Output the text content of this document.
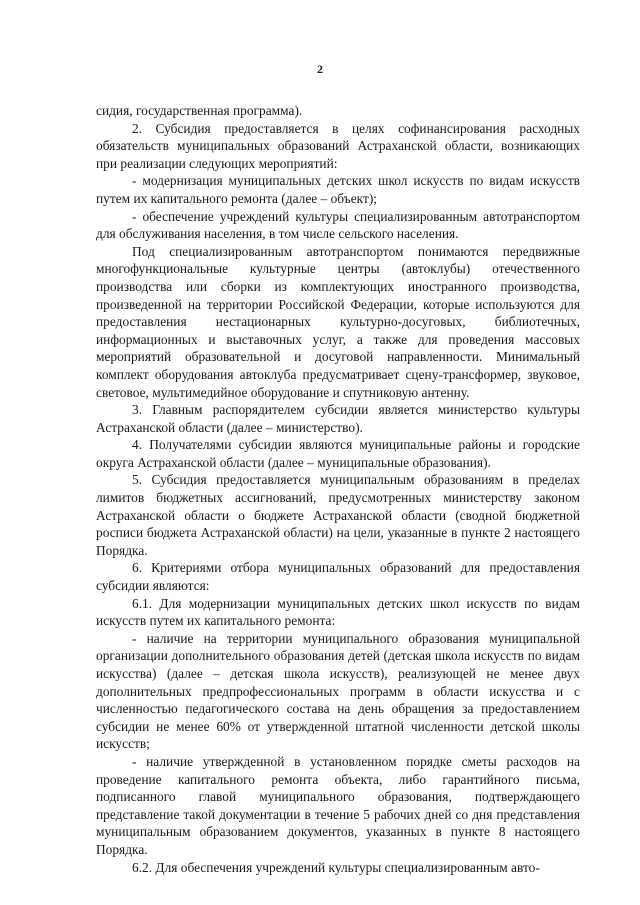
2

сидия, государственная программа).

2. Субсидия предоставляется в целях софинансирования расходных обязательств муниципальных образований Астраханской области, возникающих при реализации следующих мероприятий:

- модернизация муниципальных детских школ искусств по видам искусств путем их капитального ремонта (далее – объект);

- обеспечение учреждений культуры специализированным автотранспортом для обслуживания населения, в том числе сельского населения.

Под специализированным автотранспортом понимаются передвижные многофункциональные культурные центры (автоклубы) отечественного производства или сборки из комплектующих иностранного производства, произведенной на территории Российской Федерации, которые используются для предоставления нестационарных культурно-досуговых, библиотечных, информационных и выставочных услуг, а также для проведения массовых мероприятий образовательной и досуговой направленности. Минимальный комплект оборудования автоклуба предусматривает сцену-трансформер, звуковое, световое, мультимедийное оборудование и спутниковую антенну.

3. Главным распорядителем субсидии является министерство культуры Астраханской области (далее – министерство).

4. Получателями субсидии являются муниципальные районы и городские округа Астраханской области (далее – муниципальные образования).

5. Субсидия предоставляется муниципальным образованиям в пределах лимитов бюджетных ассигнований, предусмотренных министерству законом Астраханской области о бюджете Астраханской области (сводной бюджетной росписи бюджета Астраханской области) на цели, указанные в пункте 2 настоящего Порядка.

6. Критериями отбора муниципальных образований для предоставления субсидии являются:

6.1. Для модернизации муниципальных детских школ искусств по видам искусств путем их капитального ремонта:

- наличие на территории муниципального образования муниципальной организации дополнительного образования детей (детская школа искусств по видам искусства) (далее – детская школа искусств), реализующей не менее двух дополнительных предпрофессиональных программ в области искусства и с численностью педагогического состава на день обращения за предоставлением субсидии не менее 60% от утвержденной штатной численности детской школы искусств;

- наличие утвержденной в установленном порядке сметы расходов на проведение капитального ремонта объекта, либо гарантийного письма, подписанного главой муниципального образования, подтверждающего представление такой документации в течение 5 рабочих дней со дня представления муниципальным образованием документов, указанных в пункте 8 настоящего Порядка.

6.2. Для обеспечения учреждений культуры специализированным авто-
